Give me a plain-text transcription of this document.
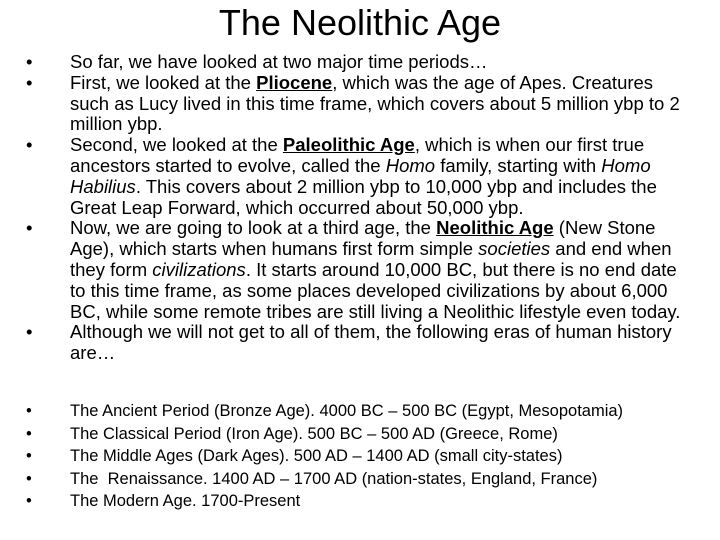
The Neolithic Age
• So far, we have looked at two major time periods…
• First, we looked at the Pliocene, which was the age of Apes. Creatures such as Lucy lived in this time frame, which covers about 5 million ybp to 2 million ybp.
• Second, we looked at the Paleolithic Age, which is when our first true ancestors started to evolve, called the Homo family, starting with Homo Habilius. This covers about 2 million ybp to 10,000 ybp and includes the Great Leap Forward, which occurred about 50,000 ybp.
• Now, we are going to look at a third age, the Neolithic Age (New Stone Age), which starts when humans first form simple societies and end when they form civilizations. It starts around 10,000 BC, but there is no end date to this time frame, as some places developed civilizations by about 6,000 BC, while some remote tribes are still living a Neolithic lifestyle even today.
• Although we will not get to all of them, the following eras of human history are…
• The Ancient Period (Bronze Age). 4000 BC – 500 BC (Egypt, Mesopotamia)
• The Classical Period (Iron Age). 500 BC – 500 AD (Greece, Rome)
• The Middle Ages (Dark Ages). 500 AD – 1400 AD (small city-states)
• The  Renaissance. 1400 AD – 1700 AD (nation-states, England, France)
• The Modern Age. 1700-Present
